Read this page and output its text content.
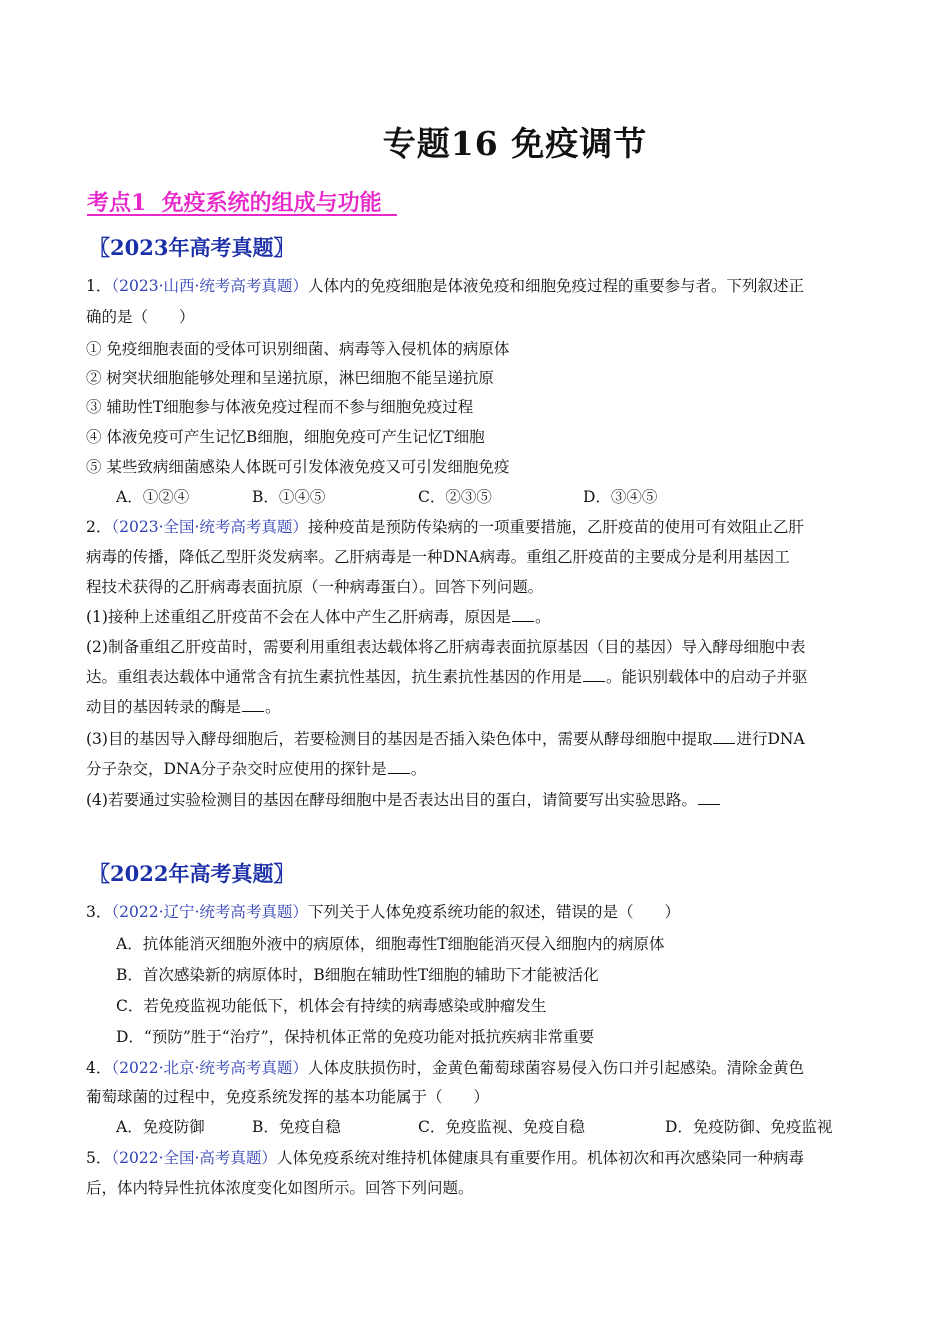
专题16 免疫调节
考点1  免疫系统的组成与功能
〖2023年高考真题〗
1．（2023·山西·统考高考真题）人体内的免疫细胞是体液免疫和细胞免疫过程的重要参与者。下列叙述正
确的是（　　）
① 免疫细胞表面的受体可识别细菌、病毒等入侵机体的病原体
② 树突状细胞能够处理和呈递抗原，淋巴细胞不能呈递抗原
③ 辅助性T细胞参与体液免疫过程而不参与细胞免疫过程
④ 体液免疫可产生记忆B细胞，细胞免疫可产生记忆T细胞
⑤ 某些致病细菌感染人体既可引发体液免疫又可引发细胞免疫
A．①②④	B．①④⑤	C．②③⑤	D．③④⑤
2．（2023·全国·统考高考真题）接种疫苗是预防传染病的一项重要措施，乙肝疫苗的使用可有效阻止乙肝
病毒的传播，降低乙型肝炎发病率。乙肝病毒是一种DNA病毒。重组乙肝疫苗的主要成分是利用基因工
程技术获得的乙肝病毒表面抗原（一种病毒蛋白）。回答下列问题。
(1)接种上述重组乙肝疫苗不会在人体中产生乙肝病毒，原因是 。
(2)制备重组乙肝疫苗时，需要利用重组表达载体将乙肝病毒表面抗原基因（目的基因）导入酵母细胞中表
达。重组表达载体中通常含有抗生素抗性基因，抗生素抗性基因的作用是 。能识别载体中的启动子并驱
动目的基因转录的酶是 。
(3)目的基因导入酵母细胞后，若要检测目的基因是否插入染色体中，需要从酵母细胞中提取 进行DNA
分子杂交，DNA分子杂交时应使用的探针是 。
(4)若要通过实验检测目的基因在酵母细胞中是否表达出目的蛋白，请简要写出实验思路。
〖2022年高考真题〗
3．（2022·辽宁·统考高考真题）下列关于人体免疫系统功能的叙述，错误的是（　　）
A．抗体能消灭细胞外液中的病原体，细胞毒性T细胞能消灭侵入细胞内的病原体
B．首次感染新的病原体时，B细胞在辅助性T细胞的辅助下才能被活化
C．若免疫监视功能低下，机体会有持续的病毒感染或肿瘤发生
D．“预防”胜于“治疗”，保持机体正常的免疫功能对抵抗疾病非常重要
4．（2022·北京·统考高考真题）人体皮肤损伤时，金黄色葡萄球菌容易侵入伤口并引起感染。清除金黄色
葡萄球菌的过程中，免疫系统发挥的基本功能属于（　　）
A．免疫防御	B．免疫自稳	C．免疫监视、免疫自稳	D．免疫防御、免疫监视
5．（2022·全国·高考真题）人体免疫系统对维持机体健康具有重要作用。机体初次和再次感染同一种病毒
后，体内特异性抗体浓度变化如图所示。回答下列问题。
